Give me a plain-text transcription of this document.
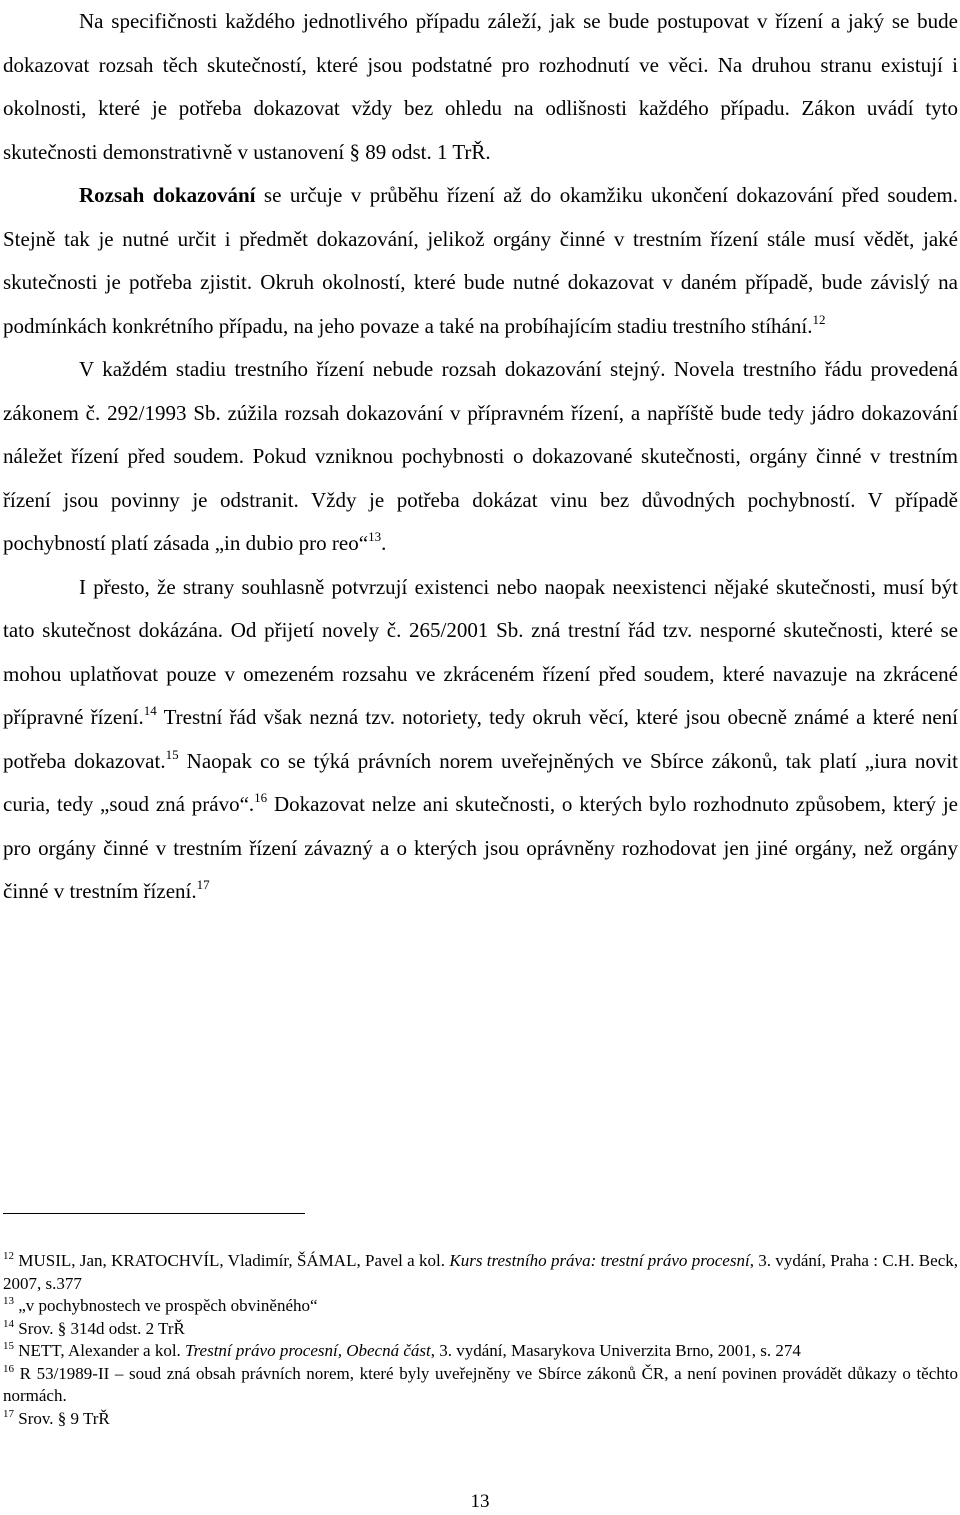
Na specifičnosti každého jednotlivého případu záleží, jak se bude postupovat v řízení a jaký se bude dokazovat rozsah těch skutečností, které jsou podstatné pro rozhodnutí ve věci. Na druhou stranu existují i okolnosti, které je potřeba dokazovat vždy bez ohledu na odlišnosti každého případu. Zákon uvádí tyto skutečnosti demonstrativně v ustanovení § 89 odst. 1 TrŘ.

Rozsah dokazování se určuje v průběhu řízení až do okamžiku ukončení dokazování před soudem. Stejně tak je nutné určit i předmět dokazování, jelikož orgány činné v trestním řízení stále musí vědět, jaké skutečnosti je potřeba zjistit. Okruh okolností, které bude nutné dokazovat v daném případě, bude závislý na podmínkách konkrétního případu, na jeho povaze a také na probíhajícím stadiu trestního stíhání.$^{12}$

V každém stadiu trestního řízení nebude rozsah dokazování stejný. Novela trestního řádu provedená zákonem č. 292/1993 Sb. zúžila rozsah dokazování v přípravném řízení, a napříště bude tedy jádro dokazování náležet řízení před soudem. Pokud vzniknou pochybnosti o dokazované skutečnosti, orgány činné v trestním řízení jsou povinny je odstranit. Vždy je potřeba dokázat vinu bez důvodných pochybností. V případě pochybností platí zásada „in dubio pro reo“$^{13}$.

I přesto, že strany souhlasně potvrzují existenci nebo naopak neexistenci nějaké skutečnosti, musí být tato skutečnost dokázána. Od přijetí novely č. 265/2001 Sb. zná trestní řád tzv. nesporné skutečnosti, které se mohou uplatňovat pouze v omezeném rozsahu ve zkráceném řízení před soudem, které navazuje na zkrácené přípravné řízení.$^{14}$ Trestní řád však nezná tzv. notoriety, tedy okruh věcí, které jsou obecně známé a které není potřeba dokazovat.$^{15}$ Naopak co se týká právních norem uveřejněných ve Sbírce zákonů, tak platí „iura novit curia, tedy „soud zná právo“.$^{16}$ Dokazovat nelze ani skutečnosti, o kterých bylo rozhodnuto způsobem, který je pro orgány činné v trestním řízení závazný a o kterých jsou oprávněny rozhodovat jen jiné orgány, než orgány činné v trestním řízení.$^{17}$

$^{12}$ MUSIL, Jan, KRATOCHVÍL, Vladimír, ŠÁMAL, Pavel a kol. Kurs trestního práva: trestní právo procesní, 3. vydání, Praha : C.H. Beck, 2007, s.377

$^{13}$ „v pochybnostech ve prospěch obviněného“

$^{14}$ Srov. § 314d odst. 2 TrŘ

$^{15}$ NETT, Alexander a kol. Trestní právo procesní, Obecná část, 3. vydání, Masarykova Univerzita Brno, 2001, s. 274

$^{16}$ R 53/1989-II – soud zná obsah právních norem, které byly uveřejněny ve Sbírce zákonů ČR, a není povinen provádět důkazy o těchto normách.

$^{17}$ Srov. § 9 TrŘ

13
